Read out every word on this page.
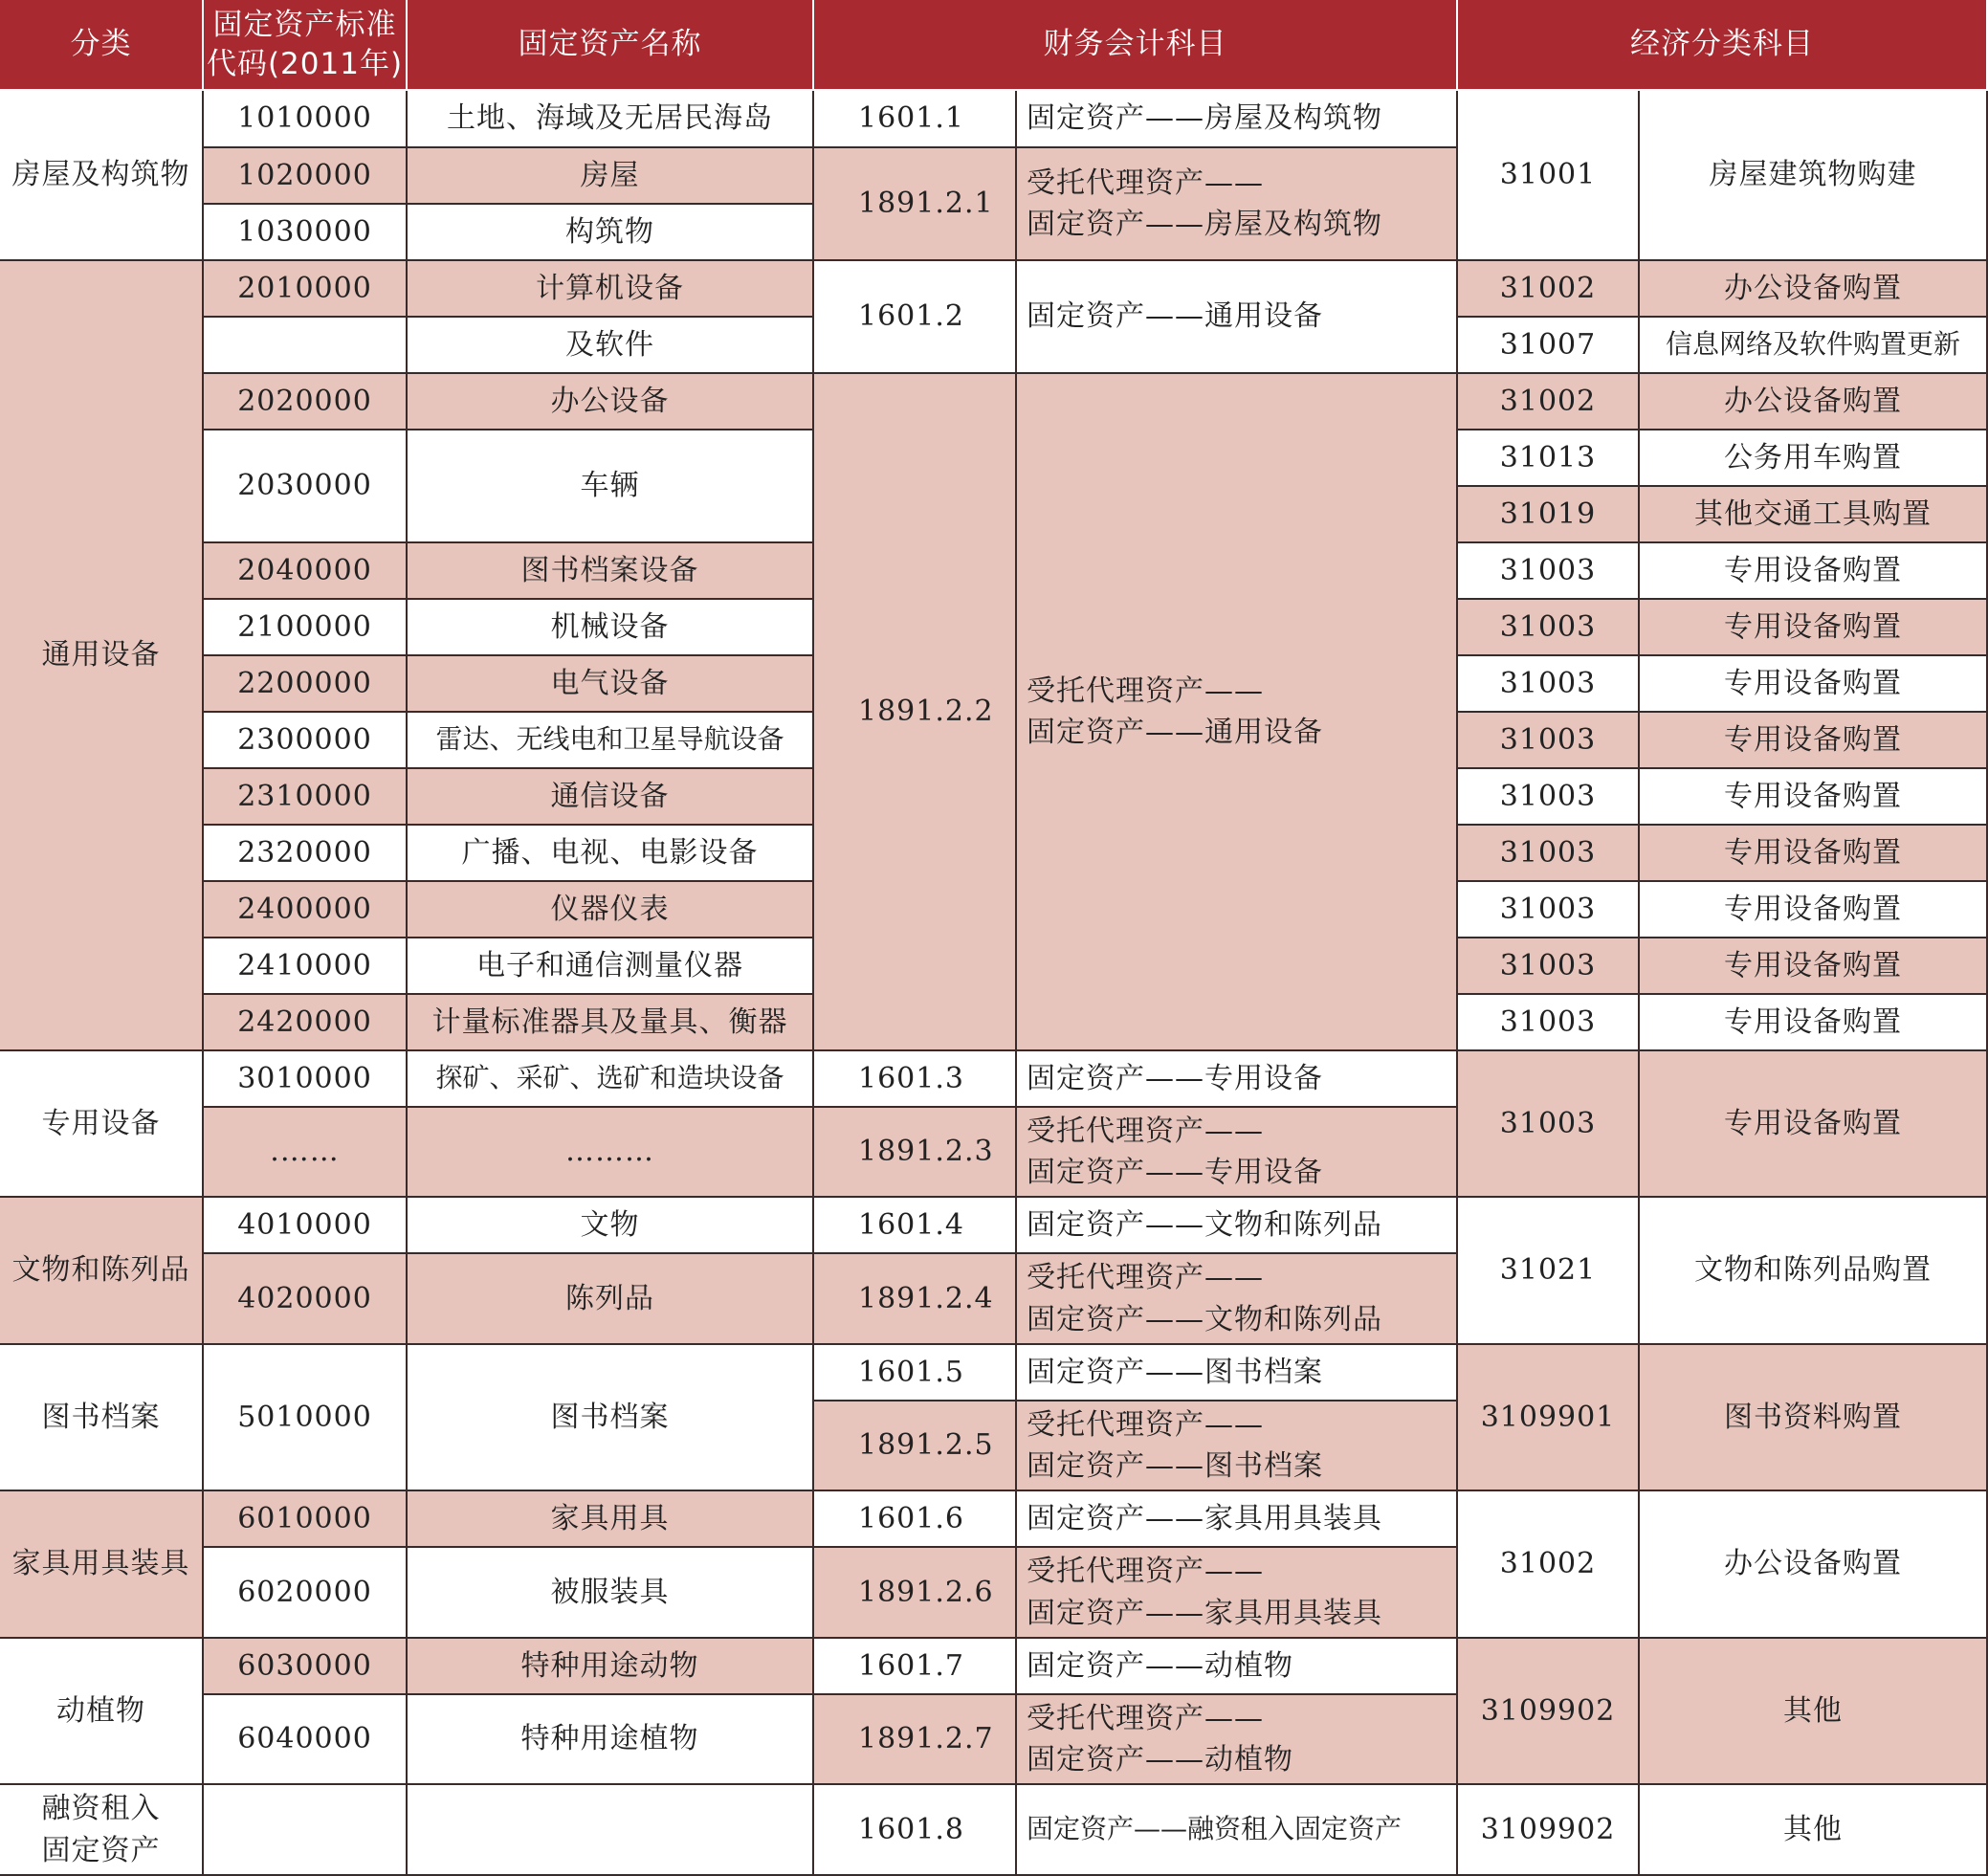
分类
固定资产标准
代码(2011年)
固定资产名称	财务会计科目	经济分类科目
房屋及构筑物
通用设备
专用设备
文物和陈列品
图书档案
家具用具装具
动植物
融资租入
固定资产
1010000
1020000
1030000
2010000
2020000
2030000
2040000
2100000
2200000
2300000
2310000
2320000
2400000
2410000
2420000
3010000
.……
4010000
4020000
5010000
6010000
6020000
6030000
6040000
土地、海域及无居民海岛
房屋
构筑物
计算机设备
及软件
办公设备
车辆
图书档案设备
机械设备
电气设备
雷达、无线电和卫星导航设备
通信设备
广播、电视、电影设备
仪器仪表
电子和通信测量仪器
计量标准器具及量具、衡器
探矿、采矿、选矿和造块设备
………
文物
陈列品
图书档案
家具用具
被服装具
特种用途动物
特种用途植物
1601.1
1891.2.1
1601.2
1891.2.2
1601.3
1891.2.3
1601.4
1891.2.4
1601.5
1891.2.5
1601.6
1891.2.6
1601.7
1891.2.7
1601.8
固定资产——房屋及构筑物
受托代理资产——
固定资产——房屋及构筑物
固定资产——通用设备
受托代理资产——
固定资产——通用设备
固定资产——专用设备
受托代理资产——
固定资产——专用设备
固定资产——文物和陈列品
受托代理资产——
固定资产——文物和陈列品
固定资产——图书档案
受托代理资产——
固定资产——图书档案
固定资产——家具用具装具
受托代理资产——
固定资产——家具用具装具
固定资产——动植物
受托代理资产——
固定资产——动植物
固定资产——融资租入固定资产
31001
31002
31007
31002
31013
31019
31003
31003
31003
31003
31003
31003
31003
31003
31003
31003
31021
3109901
31002
3109902
3109902
房屋建筑物购建
办公设备购置
信息网络及软件购置更新
办公设备购置
公务用车购置
其他交通工具购置
专用设备购置
专用设备购置
专用设备购置
专用设备购置
专用设备购置
专用设备购置
专用设备购置
专用设备购置
专用设备购置
专用设备购置
文物和陈列品购置
图书资料购置
办公设备购置
其他
其他
